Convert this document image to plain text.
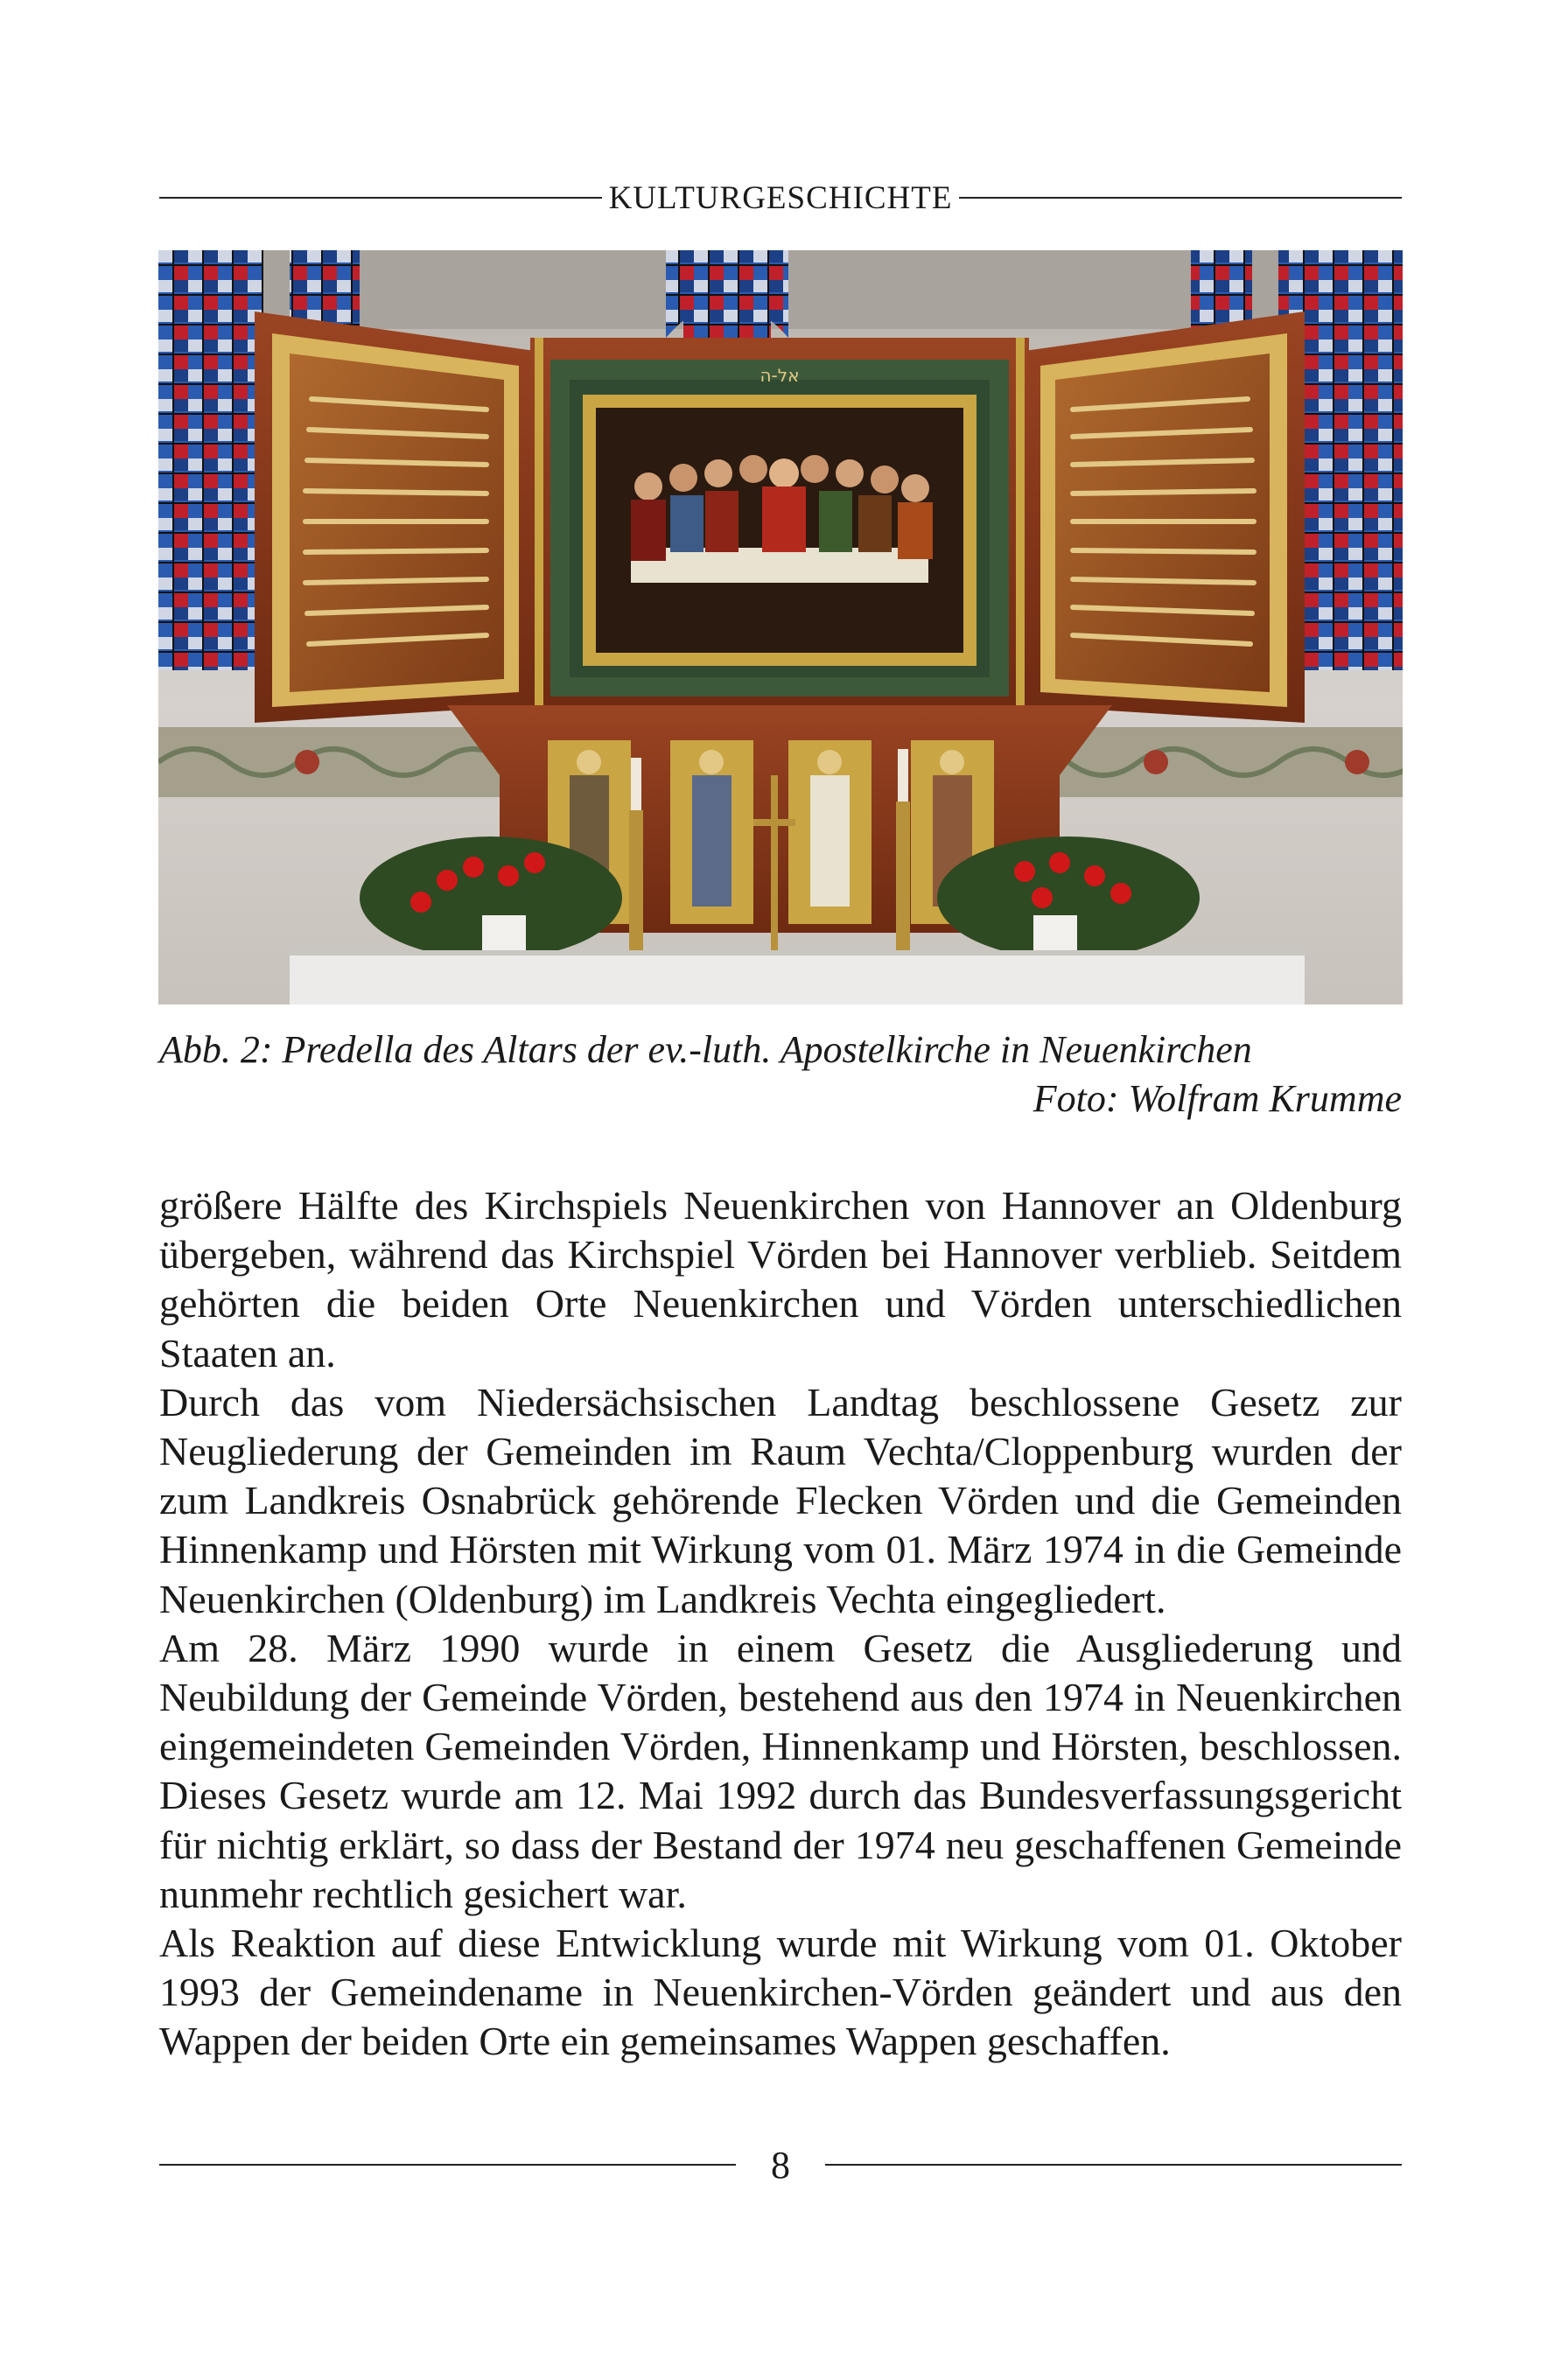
KULTURGESCHICHTE
אל-ה
Abb. 2: Predella des Altars der ev.-luth. Apostelkirche in Neuenkirchen
Foto: Wolfram Krumme

größere Hälfte des Kirchspiels Neuenkirchen von Hannover an Oldenburg übergeben, während das Kirchspiel Vörden bei Hannover verblieb. Seitdem gehörten die beiden Orte Neuenkirchen und Vörden unterschiedlichen Staaten an.

Durch das vom Niedersächsischen Landtag beschlossene Gesetz zur Neugliederung der Gemeinden im Raum Vechta/Cloppenburg wurden der zum Landkreis Osnabrück gehörende Flecken Vörden und die Gemeinden Hinnenkamp und Hörsten mit Wirkung vom 01. März 1974 in die Gemeinde Neuenkirchen (Oldenburg) im Landkreis Vechta eingegliedert.

Am 28. März 1990 wurde in einem Gesetz die Ausgliederung und Neubildung der Gemeinde Vörden, bestehend aus den 1974 in Neuenkirchen eingemeindeten Gemeinden Vörden, Hinnenkamp und Hörsten, beschlossen. Dieses Gesetz wurde am 12. Mai 1992 durch das Bundesverfassungsgericht für nichtig erklärt, so dass der Bestand der 1974 neu geschaffenen Gemeinde nunmehr rechtlich gesichert war.

Als Reaktion auf diese Entwicklung wurde mit Wirkung vom 01. Oktober 1993 der Gemeindename in Neuenkirchen-Vörden geändert und aus den Wappen der beiden Orte ein gemeinsames Wappen geschaffen.

8
